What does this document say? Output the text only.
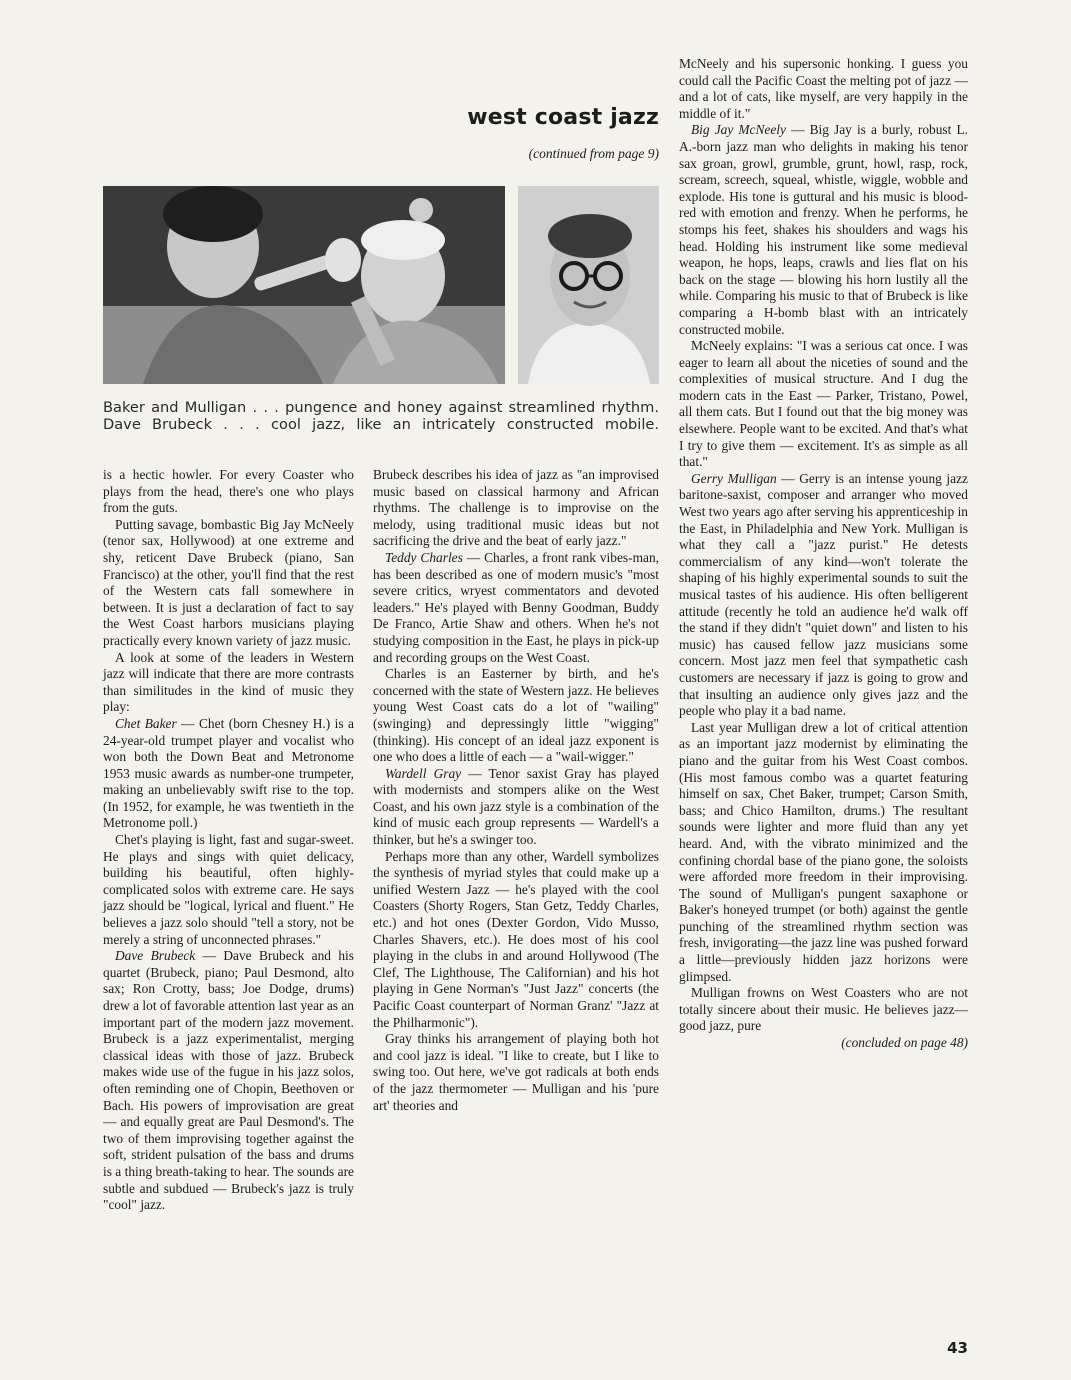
west coast jazz
(continued from page 9)
Baker and Mulligan . . . pungence and honey against streamlined rhythm.
Dave Brubeck . . . cool jazz, like an intricately constructed mobile.

is a hectic howler. For every Coaster who plays from the head, there's one who plays from the guts.

Putting savage, bombastic Big Jay McNeely (tenor sax, Hollywood) at one extreme and shy, reticent Dave Brubeck (piano, San Francisco) at the other, you'll find that the rest of the Western cats fall somewhere in between. It is just a declaration of fact to say the West Coast harbors musicians playing practically every known variety of jazz music.

A look at some of the leaders in Western jazz will indicate that there are more contrasts than similitudes in the kind of music they play:

Chet Baker — Chet (born Chesney H.) is a 24-year-old trumpet player and vocalist who won both the Down Beat and Metronome 1953 music awards as number-one trumpeter, making an unbelievably swift rise to the top. (In 1952, for example, he was twentieth in the Metronome poll.)

Chet's playing is light, fast and sugar-sweet. He plays and sings with quiet delicacy, building his beautiful, often highly-complicated solos with extreme care. He says jazz should be "logical, lyrical and fluent." He believes a jazz solo should "tell a story, not be merely a string of unconnected phrases."

Dave Brubeck — Dave Brubeck and his quartet (Brubeck, piano; Paul Desmond, alto sax; Ron Crotty, bass; Joe Dodge, drums) drew a lot of favorable attention last year as an important part of the modern jazz movement. Brubeck is a jazz experimentalist, merging classical ideas with those of jazz. Brubeck makes wide use of the fugue in his jazz solos, often reminding one of Chopin, Beethoven or Bach. His powers of improvisation are great — and equally great are Paul Desmond's. The two of them improvising together against the soft, strident pulsation of the bass and drums is a thing breath-taking to hear. The sounds are subtle and subdued — Brubeck's jazz is truly "cool" jazz.

Brubeck describes his idea of jazz as "an improvised music based on classical harmony and African rhythms. The challenge is to improvise on the melody, using traditional music ideas but not sacrificing the drive and the beat of early jazz."

Teddy Charles — Charles, a front rank vibes-man, has been described as one of modern music's "most severe critics, wryest commentators and devoted leaders." He's played with Benny Goodman, Buddy De Franco, Artie Shaw and others. When he's not studying composition in the East, he plays in pick-up and recording groups on the West Coast.

Charles is an Easterner by birth, and he's concerned with the state of Western jazz. He believes young West Coast cats do a lot of "wailing" (swinging) and depressingly little "wigging" (thinking). His concept of an ideal jazz exponent is one who does a little of each — a "wail-wigger."

Wardell Gray — Tenor saxist Gray has played with modernists and stompers alike on the West Coast, and his own jazz style is a combination of the kind of music each group represents — Wardell's a thinker, but he's a swinger too.

Perhaps more than any other, Wardell symbolizes the synthesis of myriad styles that could make up a unified Western Jazz — he's played with the cool Coasters (Shorty Rogers, Stan Getz, Teddy Charles, etc.) and hot ones (Dexter Gordon, Vido Musso, Charles Shavers, etc.). He does most of his cool playing in the clubs in and around Hollywood (The Clef, The Lighthouse, The Californian) and his hot playing in Gene Norman's "Just Jazz" concerts (the Pacific Coast counterpart of Norman Granz' "Jazz at the Philharmonic").

Gray thinks his arrangement of playing both hot and cool jazz is ideal. "I like to create, but I like to swing too. Out here, we've got radicals at both ends of the jazz thermometer — Mulligan and his 'pure art' theories and

McNeely and his supersonic honking. I guess you could call the Pacific Coast the melting pot of jazz — and a lot of cats, like myself, are very happily in the middle of it."

Big Jay McNeely — Big Jay is a burly, robust L. A.-born jazz man who delights in making his tenor sax groan, growl, grumble, grunt, howl, rasp, rock, scream, screech, squeal, whistle, wiggle, wobble and explode. His tone is guttural and his music is blood-red with emotion and frenzy. When he performs, he stomps his feet, shakes his shoulders and wags his head. Holding his instrument like some medieval weapon, he hops, leaps, crawls and lies flat on his back on the stage — blowing his horn lustily all the while. Comparing his music to that of Brubeck is like comparing a H-bomb blast with an intricately constructed mobile.

McNeely explains: "I was a serious cat once. I was eager to learn all about the niceties of sound and the complexities of musical structure. And I dug the modern cats in the East — Parker, Tristano, Powel, all them cats. But I found out that the big money was elsewhere. People want to be excited. And that's what I try to give them — excitement. It's as simple as all that."

Gerry Mulligan — Gerry is an intense young jazz baritone-saxist, composer and arranger who moved West two years ago after serving his apprenticeship in the East, in Philadelphia and New York. Mulligan is what they call a "jazz purist." He detests commercialism of any kind—won't tolerate the shaping of his highly experimental sounds to suit the musical tastes of his audience. His often belligerent attitude (recently he told an audience he'd walk off the stand if they didn't "quiet down" and listen to his music) has caused fellow jazz musicians some concern. Most jazz men feel that sympathetic cash customers are necessary if jazz is going to grow and that insulting an audience only gives jazz and the people who play it a bad name.

Last year Mulligan drew a lot of critical attention as an important jazz modernist by eliminating the piano and the guitar from his West Coast combos. (His most famous combo was a quartet featuring himself on sax, Chet Baker, trumpet; Carson Smith, bass; and Chico Hamilton, drums.) The resultant sounds were lighter and more fluid than any yet heard. And, with the vibrato minimized and the confining chordal base of the piano gone, the soloists were afforded more freedom in their improvising. The sound of Mulligan's pungent saxaphone or Baker's honeyed trumpet (or both) against the gentle punching of the streamlined rhythm section was fresh, invigorating—the jazz line was pushed forward a little—previously hidden jazz horizons were glimpsed.

Mulligan frowns on West Coasters who are not totally sincere about their music. He believes jazz—good jazz, pure

(concluded on page 48)

43
